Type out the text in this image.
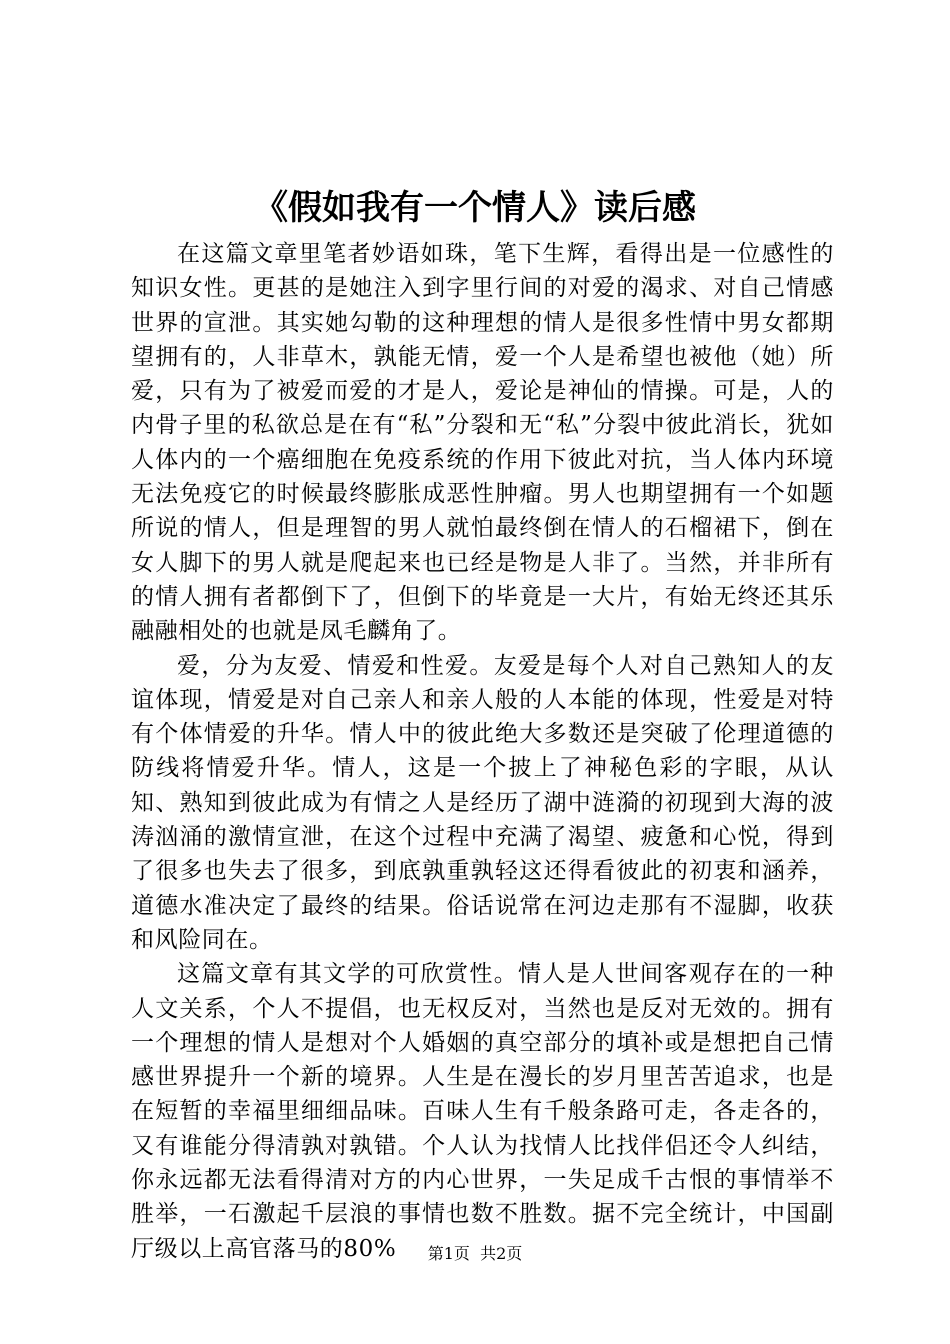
《假如我有一个情人》读后感

在这篇文章里笔者妙语如珠，笔下生辉，看得出是一位感性的知识女性。更甚的是她注入到字里行间的对爱的渴求、对自己情感世界的宣泄。其实她勾勒的这种理想的情人是很多性情中男女都期望拥有的，人非草木，孰能无情，爱一个人是希望也被他（她）所爱，只有为了被爱而爱的才是人，爱论是神仙的情操。可是，人的内骨子里的私欲总是在有“私”分裂和无“私”分裂中彼此消长，犹如人体内的一个癌细胞在免疫系统的作用下彼此对抗，当人体内环境无法免疫它的时候最终膨胀成恶性肿瘤。男人也期望拥有一个如题所说的情人，但是理智的男人就怕最终倒在情人的石榴裙下，倒在女人脚下的男人就是爬起来也已经是物是人非了。当然，并非所有的情人拥有者都倒下了，但倒下的毕竟是一大片，有始无终还其乐融融相处的也就是凤毛麟角了。

爱，分为友爱、情爱和性爱。友爱是每个人对自己熟知人的友谊体现，情爱是对自己亲人和亲人般的人本能的体现，性爱是对特有个体情爱的升华。情人中的彼此绝大多数还是突破了伦理道德的防线将情爱升华。情人，这是一个披上了神秘色彩的字眼，从认知、熟知到彼此成为有情之人是经历了湖中涟漪的初现到大海的波涛汹涌的激情宣泄，在这个过程中充满了渴望、疲惫和心悦，得到了很多也失去了很多，到底孰重孰轻这还得看彼此的初衷和涵养，道德水准决定了最终的结果。俗话说常在河边走那有不湿脚，收获和风险同在。

这篇文章有其文学的可欣赏性。情人是人世间客观存在的一种人文关系，个人不提倡，也无权反对，当然也是反对无效的。拥有一个理想的情人是想对个人婚姻的真空部分的填补或是想把自己情感世界提升一个新的境界。人生是在漫长的岁月里苦苦追求，也是在短暂的幸福里细细品味。百味人生有千般条路可走，各走各的，又有谁能分得清孰对孰错。个人认为找情人比找伴侣还令人纠结，你永远都无法看得清对方的内心世界，一失足成千古恨的事情举不胜举，一石激起千层浪的事情也数不胜数。据不完全统计，中国副厅级以上高官落马的80%	第1页 共2页
